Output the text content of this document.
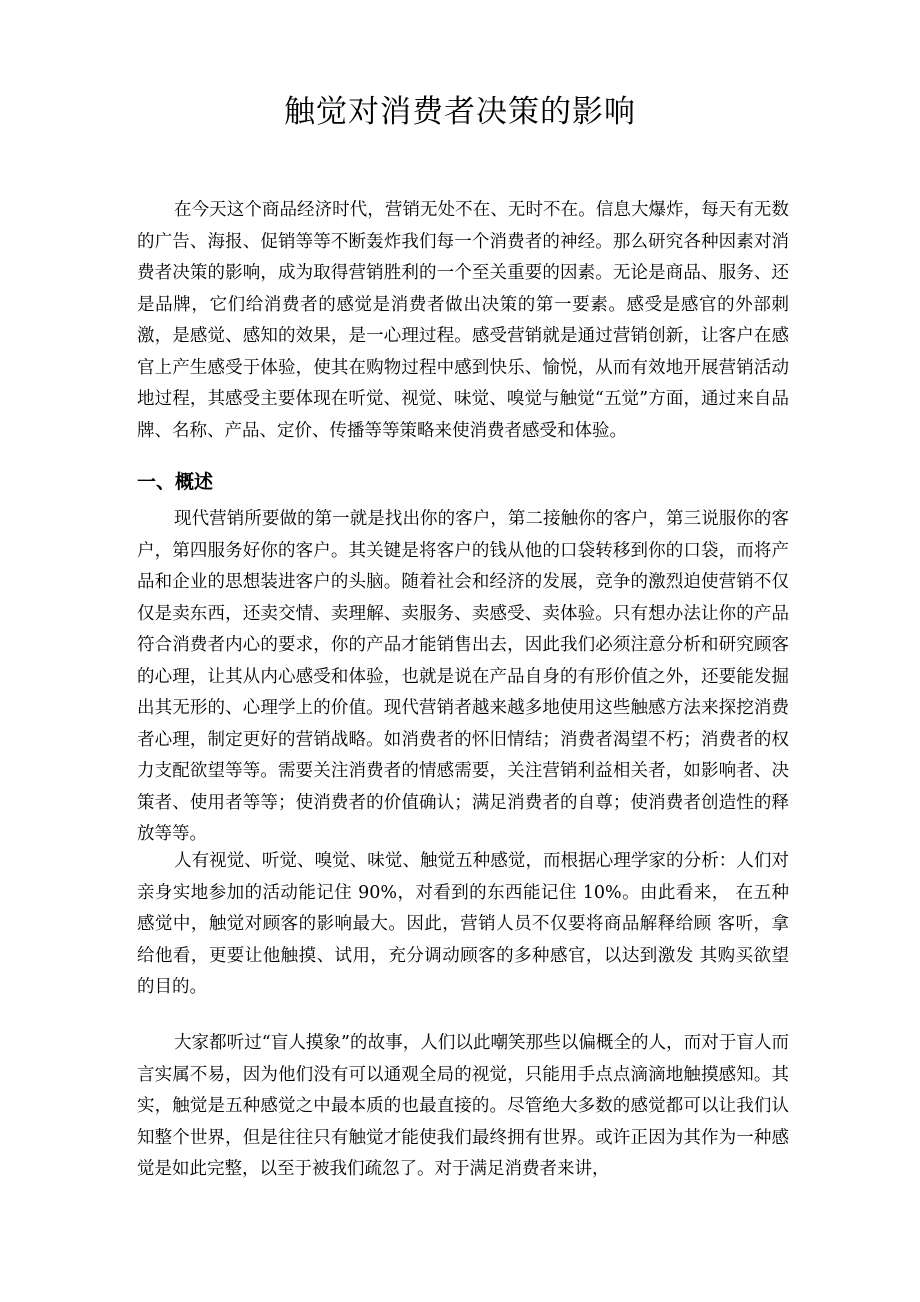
触觉对消费者决策的影响
在今天这个商品经济时代，营销无处不在、无时不在。信息大爆炸，每天有无数的广告、海报、促销等等不断轰炸我们每一个消费者的神经。那么研究各种因素对消费者决策的影响，成为取得营销胜利的一个至关重要的因素。无论是商品、服务、还是品牌，它们给消费者的感觉是消费者做出决策的第一要素。感受是感官的外部刺激，是感觉、感知的效果，是一心理过程。感受营销就是通过营销创新，让客户在感官上产生感受于体验，使其在购物过程中感到快乐、愉悦，从而有效地开展营销活动地过程，其感受主要体现在听觉、视觉、味觉、嗅觉与触觉“五觉”方面，通过来自品牌、名称、产品、定价、传播等等策略来使消费者感受和体验。
一、概述
现代营销所要做的第一就是找出你的客户，第二接触你的客户，第三说服你的客户，第四服务好你的客户。其关键是将客户的钱从他的口袋转移到你的口袋，而将产品和企业的思想装进客户的头脑。随着社会和经济的发展，竞争的激烈迫使营销不仅仅是卖东西，还卖交情、卖理解、卖服务、卖感受、卖体验。只有想办法让你的产品符合消费者内心的要求，你的产品才能销售出去，因此我们必须注意分析和研究顾客的心理，让其从内心感受和体验，也就是说在产品自身的有形价值之外，还要能发掘出其无形的、心理学上的价值。现代营销者越来越多地使用这些触感方法来探挖消费者心理，制定更好的营销战略。如消费者的怀旧情结；消费者渴望不朽；消费者的权力支配欲望等等。需要关注消费者的情感需要，关注营销利益相关者，如影响者、决策者、使用者等等；使消费者的价值确认；满足消费者的自尊；使消费者创造性的释放等等。
人有视觉、听觉、嗅觉、味觉、触觉五种感觉，而根据心理学家的分析：人们对亲身实地参加的活动能记住 90%，对看到的东西能记住 10%。由此看来， 在五种感觉中，触觉对顾客的影响最大。因此，营销人员不仅要将商品解释给顾 客听，拿给他看，更要让他触摸、试用，充分调动顾客的多种感官，以达到激发 其购买欲望的目的。
大家都听过“盲人摸象”的故事，人们以此嘲笑那些以偏概全的人，而对于盲人而言实属不易，因为他们没有可以通观全局的视觉，只能用手点点滴滴地触摸感知。其实，触觉是五种感觉之中最本质的也最直接的。尽管绝大多数的感觉都可以让我们认知整个世界，但是往往只有触觉才能使我们最终拥有世界。或许正因为其作为一种感觉是如此完整，以至于被我们疏忽了。对于满足消费者来讲，
